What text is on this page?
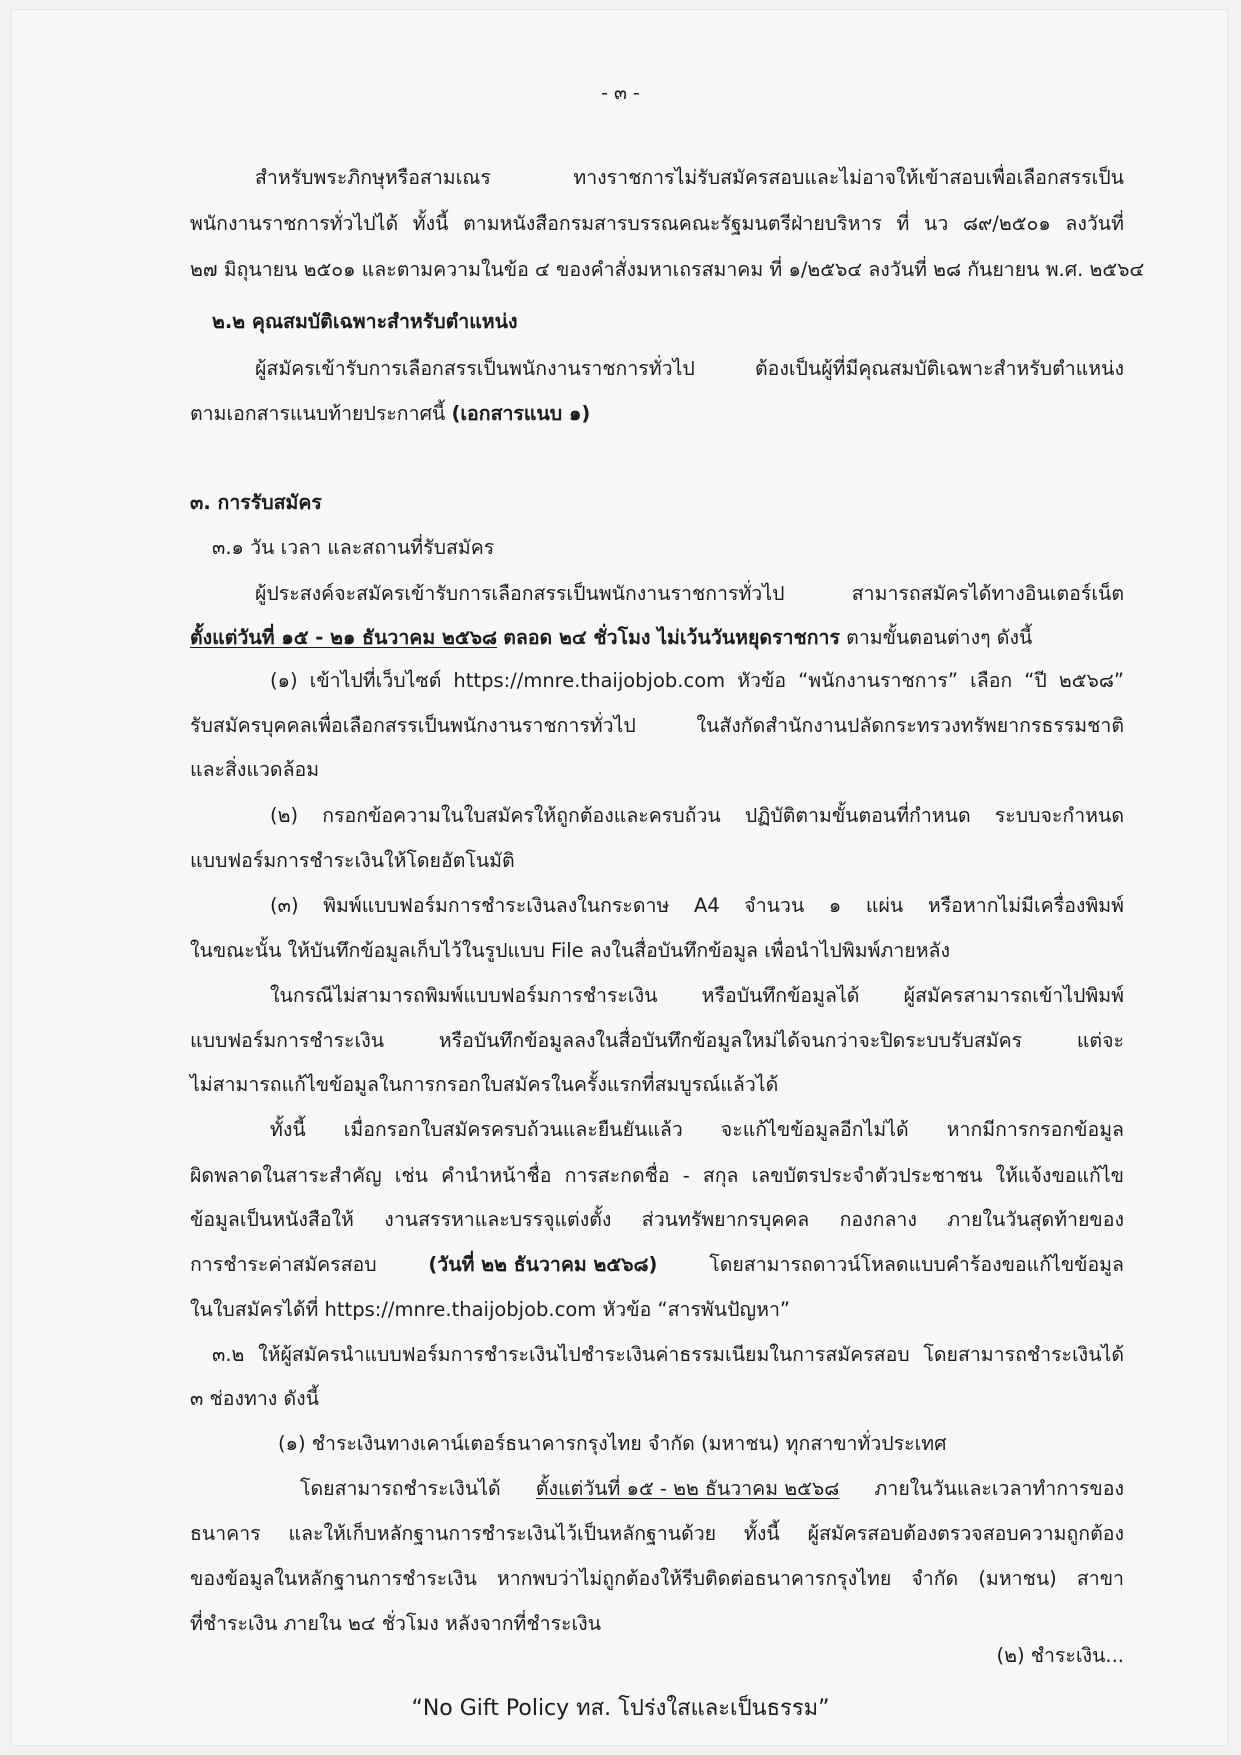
- ๓ -
สำหรับพระภิกษุหรือสามเณร ทางราชการไม่รับสมัครสอบและไม่อาจให้เข้าสอบเพื่อเลือกสรรเป็น
พนักงานราชการทั่วไปได้ ทั้งนี้ ตามหนังสือกรมสารบรรณคณะรัฐมนตรีฝ่ายบริหาร ที่ นว ๘๙/๒๕๐๑ ลงวันที่
๒๗ มิถุนายน ๒๕๐๑ และตามความในข้อ ๔ ของคำสั่งมหาเถรสมาคม ที่ ๑/๒๕๖๔ ลงวันที่ ๒๘ กันยายน พ.ศ. ๒๕๖๔
๒.๒ คุณสมบัติเฉพาะสำหรับตำแหน่ง
ผู้สมัครเข้ารับการเลือกสรรเป็นพนักงานราชการทั่วไป ต้องเป็นผู้ที่มีคุณสมบัติเฉพาะสำหรับตำแหน่ง
ตามเอกสารแนบท้ายประกาศนี้ (เอกสารแนบ ๑)
๓. การรับสมัคร
๓.๑ วัน เวลา และสถานที่รับสมัคร
ผู้ประสงค์จะสมัครเข้ารับการเลือกสรรเป็นพนักงานราชการทั่วไป สามารถสมัครได้ทางอินเตอร์เน็ต
ตั้งแต่วันที่ ๑๕ - ๒๑ ธันวาคม ๒๕๖๘ ตลอด ๒๔ ชั่วโมง ไม่เว้นวันหยุดราชการ ตามขั้นตอนต่างๆ ดังนี้
(๑) เข้าไปที่เว็บไซต์ https://mnre.thaijobjob.com หัวข้อ “พนักงานราชการ” เลือก “ปี ๒๕๖๘”
รับสมัครบุคคลเพื่อเลือกสรรเป็นพนักงานราชการทั่วไป ในสังกัดสำนักงานปลัดกระทรวงทรัพยากรธรรมชาติ
และสิ่งแวดล้อม
(๒) กรอกข้อความในใบสมัครให้ถูกต้องและครบถ้วน ปฏิบัติตามขั้นตอนที่กำหนด ระบบจะกำหนด
แบบฟอร์มการชำระเงินให้โดยอัตโนมัติ
(๓) พิมพ์แบบฟอร์มการชำระเงินลงในกระดาษ A4 จำนวน ๑ แผ่น หรือหากไม่มีเครื่องพิมพ์
ในขณะนั้น ให้บันทึกข้อมูลเก็บไว้ในรูปแบบ File ลงในสื่อบันทึกข้อมูล เพื่อนำไปพิมพ์ภายหลัง
ในกรณีไม่สามารถพิมพ์แบบฟอร์มการชำระเงิน หรือบันทึกข้อมูลได้ ผู้สมัครสามารถเข้าไปพิมพ์
แบบฟอร์มการชำระเงิน หรือบันทึกข้อมูลลงในสื่อบันทึกข้อมูลใหม่ได้จนกว่าจะปิดระบบรับสมัคร แต่จะ
ไม่สามารถแก้ไขข้อมูลในการกรอกใบสมัครในครั้งแรกที่สมบูรณ์แล้วได้
ทั้งนี้ เมื่อกรอกใบสมัครครบถ้วนและยืนยันแล้ว จะแก้ไขข้อมูลอีกไม่ได้ หากมีการกรอกข้อมูล
ผิดพลาดในสาระสำคัญ เช่น คำนำหน้าชื่อ การสะกดชื่อ - สกุล เลขบัตรประจำตัวประชาชน ให้แจ้งขอแก้ไข
ข้อมูลเป็นหนังสือให้ งานสรรหาและบรรจุแต่งตั้ง ส่วนทรัพยากรบุคคล กองกลาง ภายในวันสุดท้ายของ
การชำระค่าสมัครสอบ	(วันที่ ๒๒ ธันวาคม ๒๕๖๘)	โดยสามารถดาวน์โหลดแบบคำร้องขอแก้ไขข้อมูล
ในใบสมัครได้ที่ https://mnre.thaijobjob.com หัวข้อ “สารพันปัญหา”
๓.๒ ให้ผู้สมัครนำแบบฟอร์มการชำระเงินไปชำระเงินค่าธรรมเนียมในการสมัครสอบ โดยสามารถชำระเงินได้
๓ ช่องทาง ดังนี้
(๑) ชำระเงินทางเคาน์เตอร์ธนาคารกรุงไทย จำกัด (มหาชน) ทุกสาขาทั่วประเทศ
โดยสามารถชำระเงินได้ ตั้งแต่วันที่ ๑๕ - ๒๒ ธันวาคม ๒๕๖๘ ภายในวันและเวลาทำการของ
ธนาคาร และให้เก็บหลักฐานการชำระเงินไว้เป็นหลักฐานด้วย ทั้งนี้ ผู้สมัครสอบต้องตรวจสอบความถูกต้อง
ของข้อมูลในหลักฐานการชำระเงิน หากพบว่าไม่ถูกต้องให้รีบติดต่อธนาคารกรุงไทย จำกัด (มหาชน) สาขา
ที่ชำระเงิน ภายใน ๒๔ ชั่วโมง หลังจากที่ชำระเงิน
(๒) ชำระเงิน...
“No Gift Policy ทส. โปร่งใสและเป็นธรรม”
